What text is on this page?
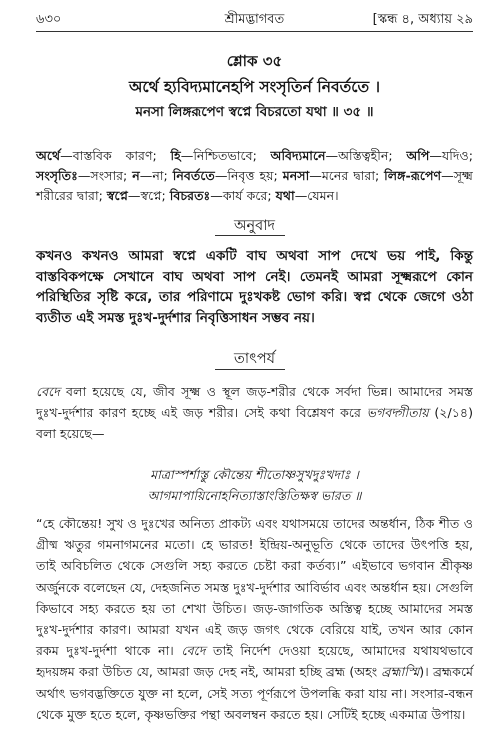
৬৩০	শ্রীমদ্ভাগবত	[স্কন্ধ ৪, অধ্যায় ২৯
শ্লোক ৩৫
অর্থে হ্যবিদ্যমানেহপি সংসৃতির্ন নিবর্ততে ।
মনসা লিঙ্গরূপেণ স্বপ্নে বিচরতো যথা ॥ ৩৫ ॥
অর্থে—বাস্তবিক কারণ; হি—নিশ্চিতভাবে; অবিদ্যমানে—অস্তিত্বহীন; অপি—যদিও; সংসৃতিঃ—সংসার; ন—না; নিবর্ততে—নিবৃত্ত হয়; মনসা—মনের দ্বারা; লিঙ্গ-রূপেণ—সূক্ষ্ম শরীরের দ্বারা; স্বপ্নে—স্বপ্নে; বিচরতঃ—কার্য করে; যথা—যেমন।
অনুবাদ
কখনও কখনও আমরা স্বপ্নে একটি বাঘ অথবা সাপ দেখে ভয় পাই, কিন্তু বাস্তবিকপক্ষে সেখানে বাঘ অথবা সাপ নেই। তেমনই আমরা সূক্ষ্মরূপে কোন পরিস্থিতির সৃষ্টি করে, তার পরিণামে দুঃখকষ্ট ভোগ করি। স্বপ্ন থেকে জেগে ওঠা ব্যতীত এই সমস্ত দুঃখ-দুর্দশার নিবৃত্তিসাধন সম্ভব নয়।
তাৎপর্য
বেদে বলা হয়েছে যে, জীব সূক্ষ্ম ও স্থূল জড়-শরীর থেকে সর্বদা ভিন্ন। আমাদের সমস্ত দুঃখ-দুর্দশার কারণ হচ্ছে এই জড় শরীর। সেই কথা বিশ্লেষণ করে ভগবদ্গীতায় (২/১৪) বলা হয়েছে—
মাত্রাস্পর্শাস্তু কৌন্তেয় শীতোষ্ণসুখদুঃখদাঃ ।
আগমাপায়িনোহনিত্যাস্তাংস্তিতিক্ষস্ব ভারত ॥
“হে কৌন্তেয়! সুখ ও দুঃখের অনিত্য প্রাকট্য এবং যথাসময়ে তাদের অন্তর্ধান, ঠিক শীত ও গ্রীষ্ম ঋতুর গমনাগমনের মতো। হে ভারত! ইন্দ্রিয়-অনুভূতি থেকে তাদের উৎপত্তি হয়, তাই অবিচলিত থেকে সেগুলি সহ্য করতে চেষ্টা করা কর্তব্য।” এইভাবে ভগবান শ্রীকৃষ্ণ অর্জুনকে বলেছেন যে, দেহজনিত সমস্ত দুঃখ-দুর্দশার আবির্ভাব এবং অন্তর্ধান হয়। সেগুলি কিভাবে সহ্য করতে হয় তা শেখা উচিত। জড়-জাগতিক অস্তিত্ব হচ্ছে আমাদের সমস্ত দুঃখ-দুর্দশার কারণ। আমরা যখন এই জড় জগৎ থেকে বেরিয়ে যাই, তখন আর কোন রকম দুঃখ-দুর্দশা থাকে না। বেদে তাই নির্দেশ দেওয়া হয়েছে, আমাদের যথাযথভাবে হৃদয়ঙ্গম করা উচিত যে, আমরা জড় দেহ নই, আমরা হচ্ছি ব্রহ্ম (অহং ব্রহ্মাস্মি)। ব্রহ্মকর্মে অর্থাৎ ভগবদ্ভক্তিতে যুক্ত না হলে, সেই সত্য পূর্ণরূপে উপলব্ধি করা যায় না। সংসার-বন্ধন থেকে মুক্ত হতে হলে, কৃষ্ণভক্তির পন্থা অবলম্বন করতে হয়। সেটিই হচ্ছে একমাত্র উপায়।
